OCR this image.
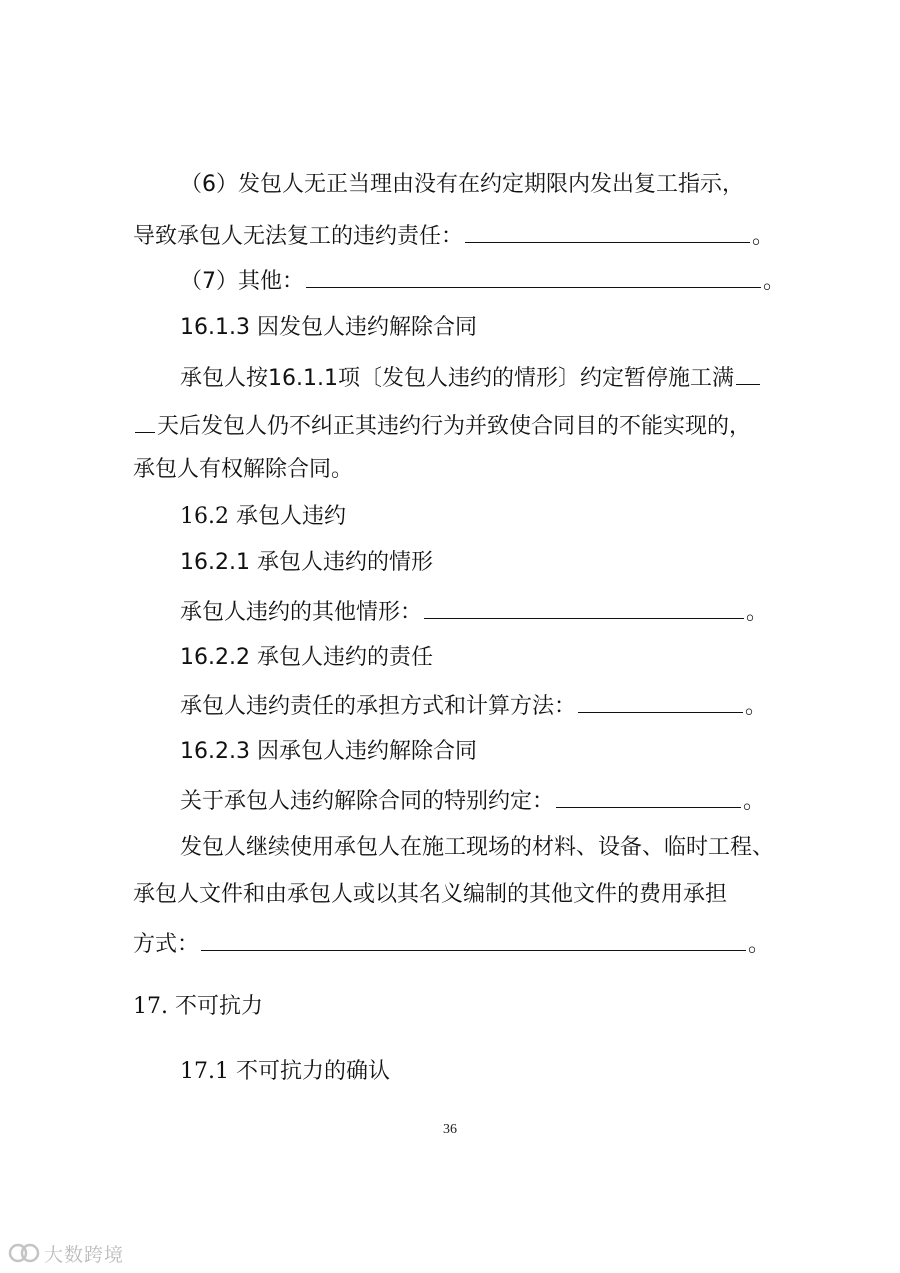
（6）发包人无正当理由没有在约定期限内发出复工指示，
导致承包人无法复工的违约责任：	。
（7）其他：	。
16.1.3 因发包人违约解除合同
承包人按16.1.1项〔发包人违约的情形〕约定暂停施工满
天后发包人仍不纠正其违约行为并致使合同目的不能实现的，
承包人有权解除合同。
16.2 承包人违约
16.2.1 承包人违约的情形
承包人违约的其他情形：	。
16.2.2 承包人违约的责任
承包人违约责任的承担方式和计算方法：	。
16.2.3 因承包人违约解除合同
关于承包人违约解除合同的特别约定：	。
发包人继续使用承包人在施工现场的材料、设备、临时工程、
承包人文件和由承包人或以其名义编制的其他文件的费用承担
方式：	。
17. 不可抗力
17.1 不可抗力的确认
36
大数跨境
